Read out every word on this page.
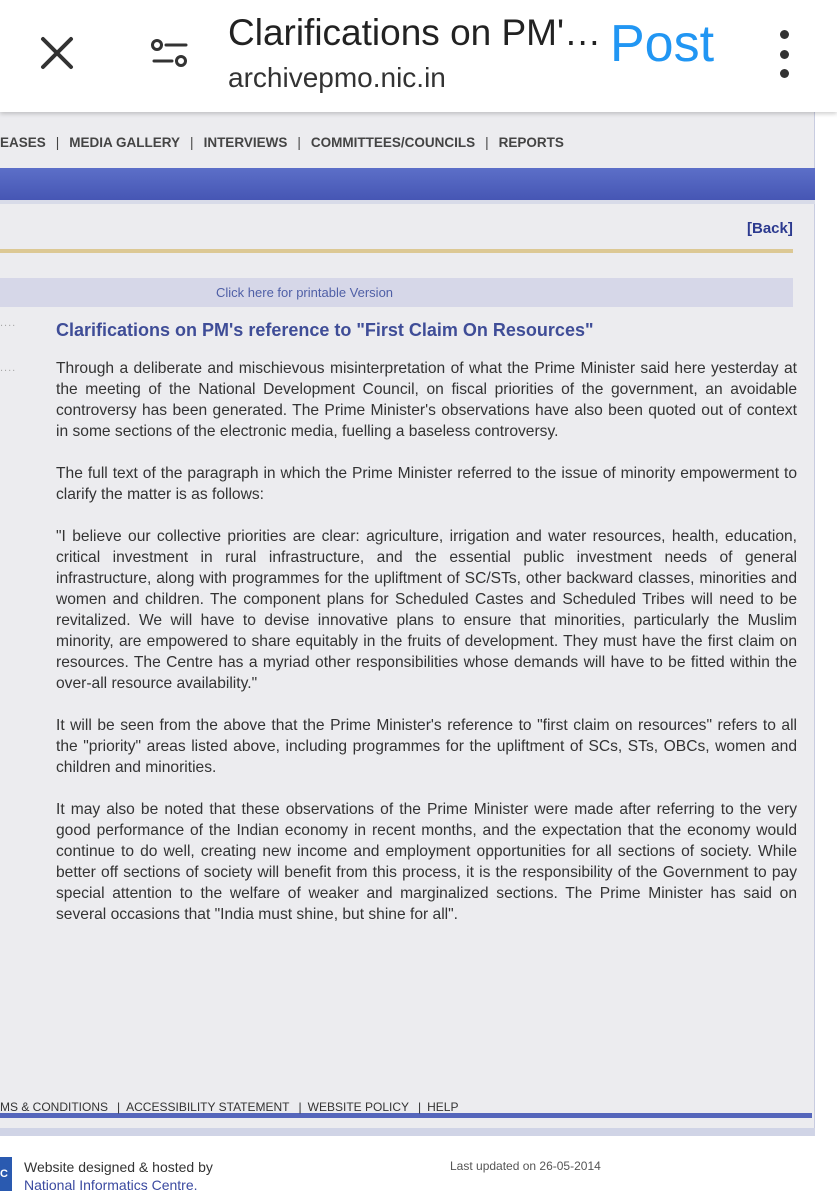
Clarifications on PM'…
archivepmo.nic.in
Post
EASES | MEDIA GALLERY | INTERVIEWS | COMMITTEES/COUNCILS | REPORTS
[Back]
Click here for printable Version
....
....
Clarifications on PM's reference to "First Claim On Resources"

Through a deliberate and mischievous misinterpretation of what the Prime Minister said here yesterday at the meeting of the National Development Council, on fiscal priorities of the government, an avoidable controversy has been generated. The Prime Minister's observations have also been quoted out of context in some sections of the electronic media, fuelling a baseless controversy.

The full text of the paragraph in which the Prime Minister referred to the issue of minority empowerment to clarify the matter is as follows:

"I believe our collective priorities are clear: agriculture, irrigation and water resources, health, education, critical investment in rural infrastructure, and the essential public investment needs of general infrastructure, along with programmes for the upliftment of SC/STs, other backward classes, minorities and women and children. The component plans for Scheduled Castes and Scheduled Tribes will need to be revitalized. We will have to devise innovative plans to ensure that minorities, particularly the Muslim minority, are empowered to share equitably in the fruits of development. They must have the first claim on resources. The Centre has a myriad other responsibilities whose demands will have to be fitted within the over-all resource availability."

It will be seen from the above that the Prime Minister's reference to "first claim on resources" refers to all the "priority" areas listed above, including programmes for the upliftment of SCs, STs, OBCs, women and children and minorities.

It may also be noted that these observations of the Prime Minister were made after referring to the very good performance of the Indian economy in recent months, and the expectation that the economy would continue to do well, creating new income and employment opportunities for all sections of society. While better off sections of society will benefit from this process, it is the responsibility of the Government to pay special attention to the welfare of weaker and marginalized sections. The Prime Minister has said on several occasions that "India must shine, but shine for all".

MS & CONDITIONS | ACCESSIBILITY STATEMENT | WEBSITE POLICY | HELP
C Website designed & hosted by
National Informatics Centre.
Last updated on 26-05-2014
